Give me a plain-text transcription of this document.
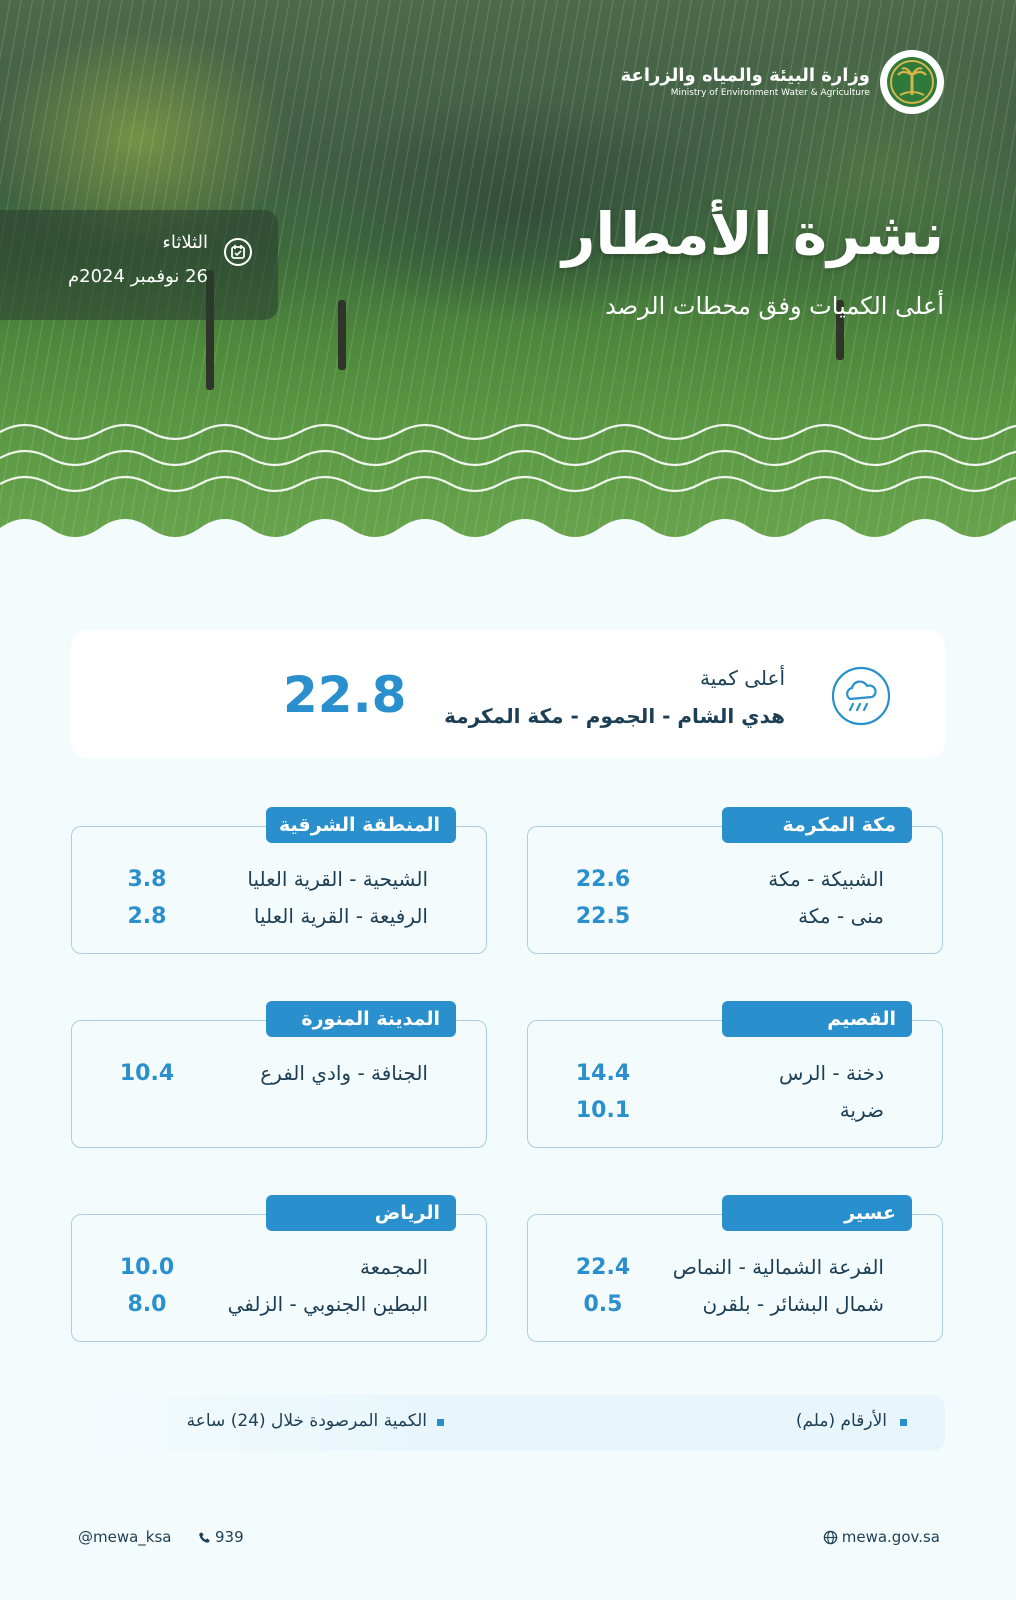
وزارة البيئة والمياه والزراعة
Ministry of Environment Water & Agriculture
نشرة الأمطار
أعلى الكميات وفق محطات الرصد
الثلاثاء
26 نوفمبر 2024م
أعلى كمية
هدي الشام - الجموم - مكة المكرمة
22.8
مكة المكرمة
الشبيكة - مكة
22.6
منى - مكة
22.5
المنطقة الشرقية
الشيحية - القرية العليا
3.8
الرفيعة - القرية العليا
2.8
القصيم
دخنة - الرس
14.4
ضرية
10.1
المدينة المنورة
الجنافة - وادي الفرع
10.4
عسير
الفرعة الشمالية - النماص
22.4
شمال البشائر - بلقرن
0.5
الرياض
المجمعة
10.0
البطين الجنوبي - الزلفي
8.0
الأرقام (ملم)
الكمية المرصودة خلال (24) ساعة
mewa.gov.sa
939
@mewa_ksa
